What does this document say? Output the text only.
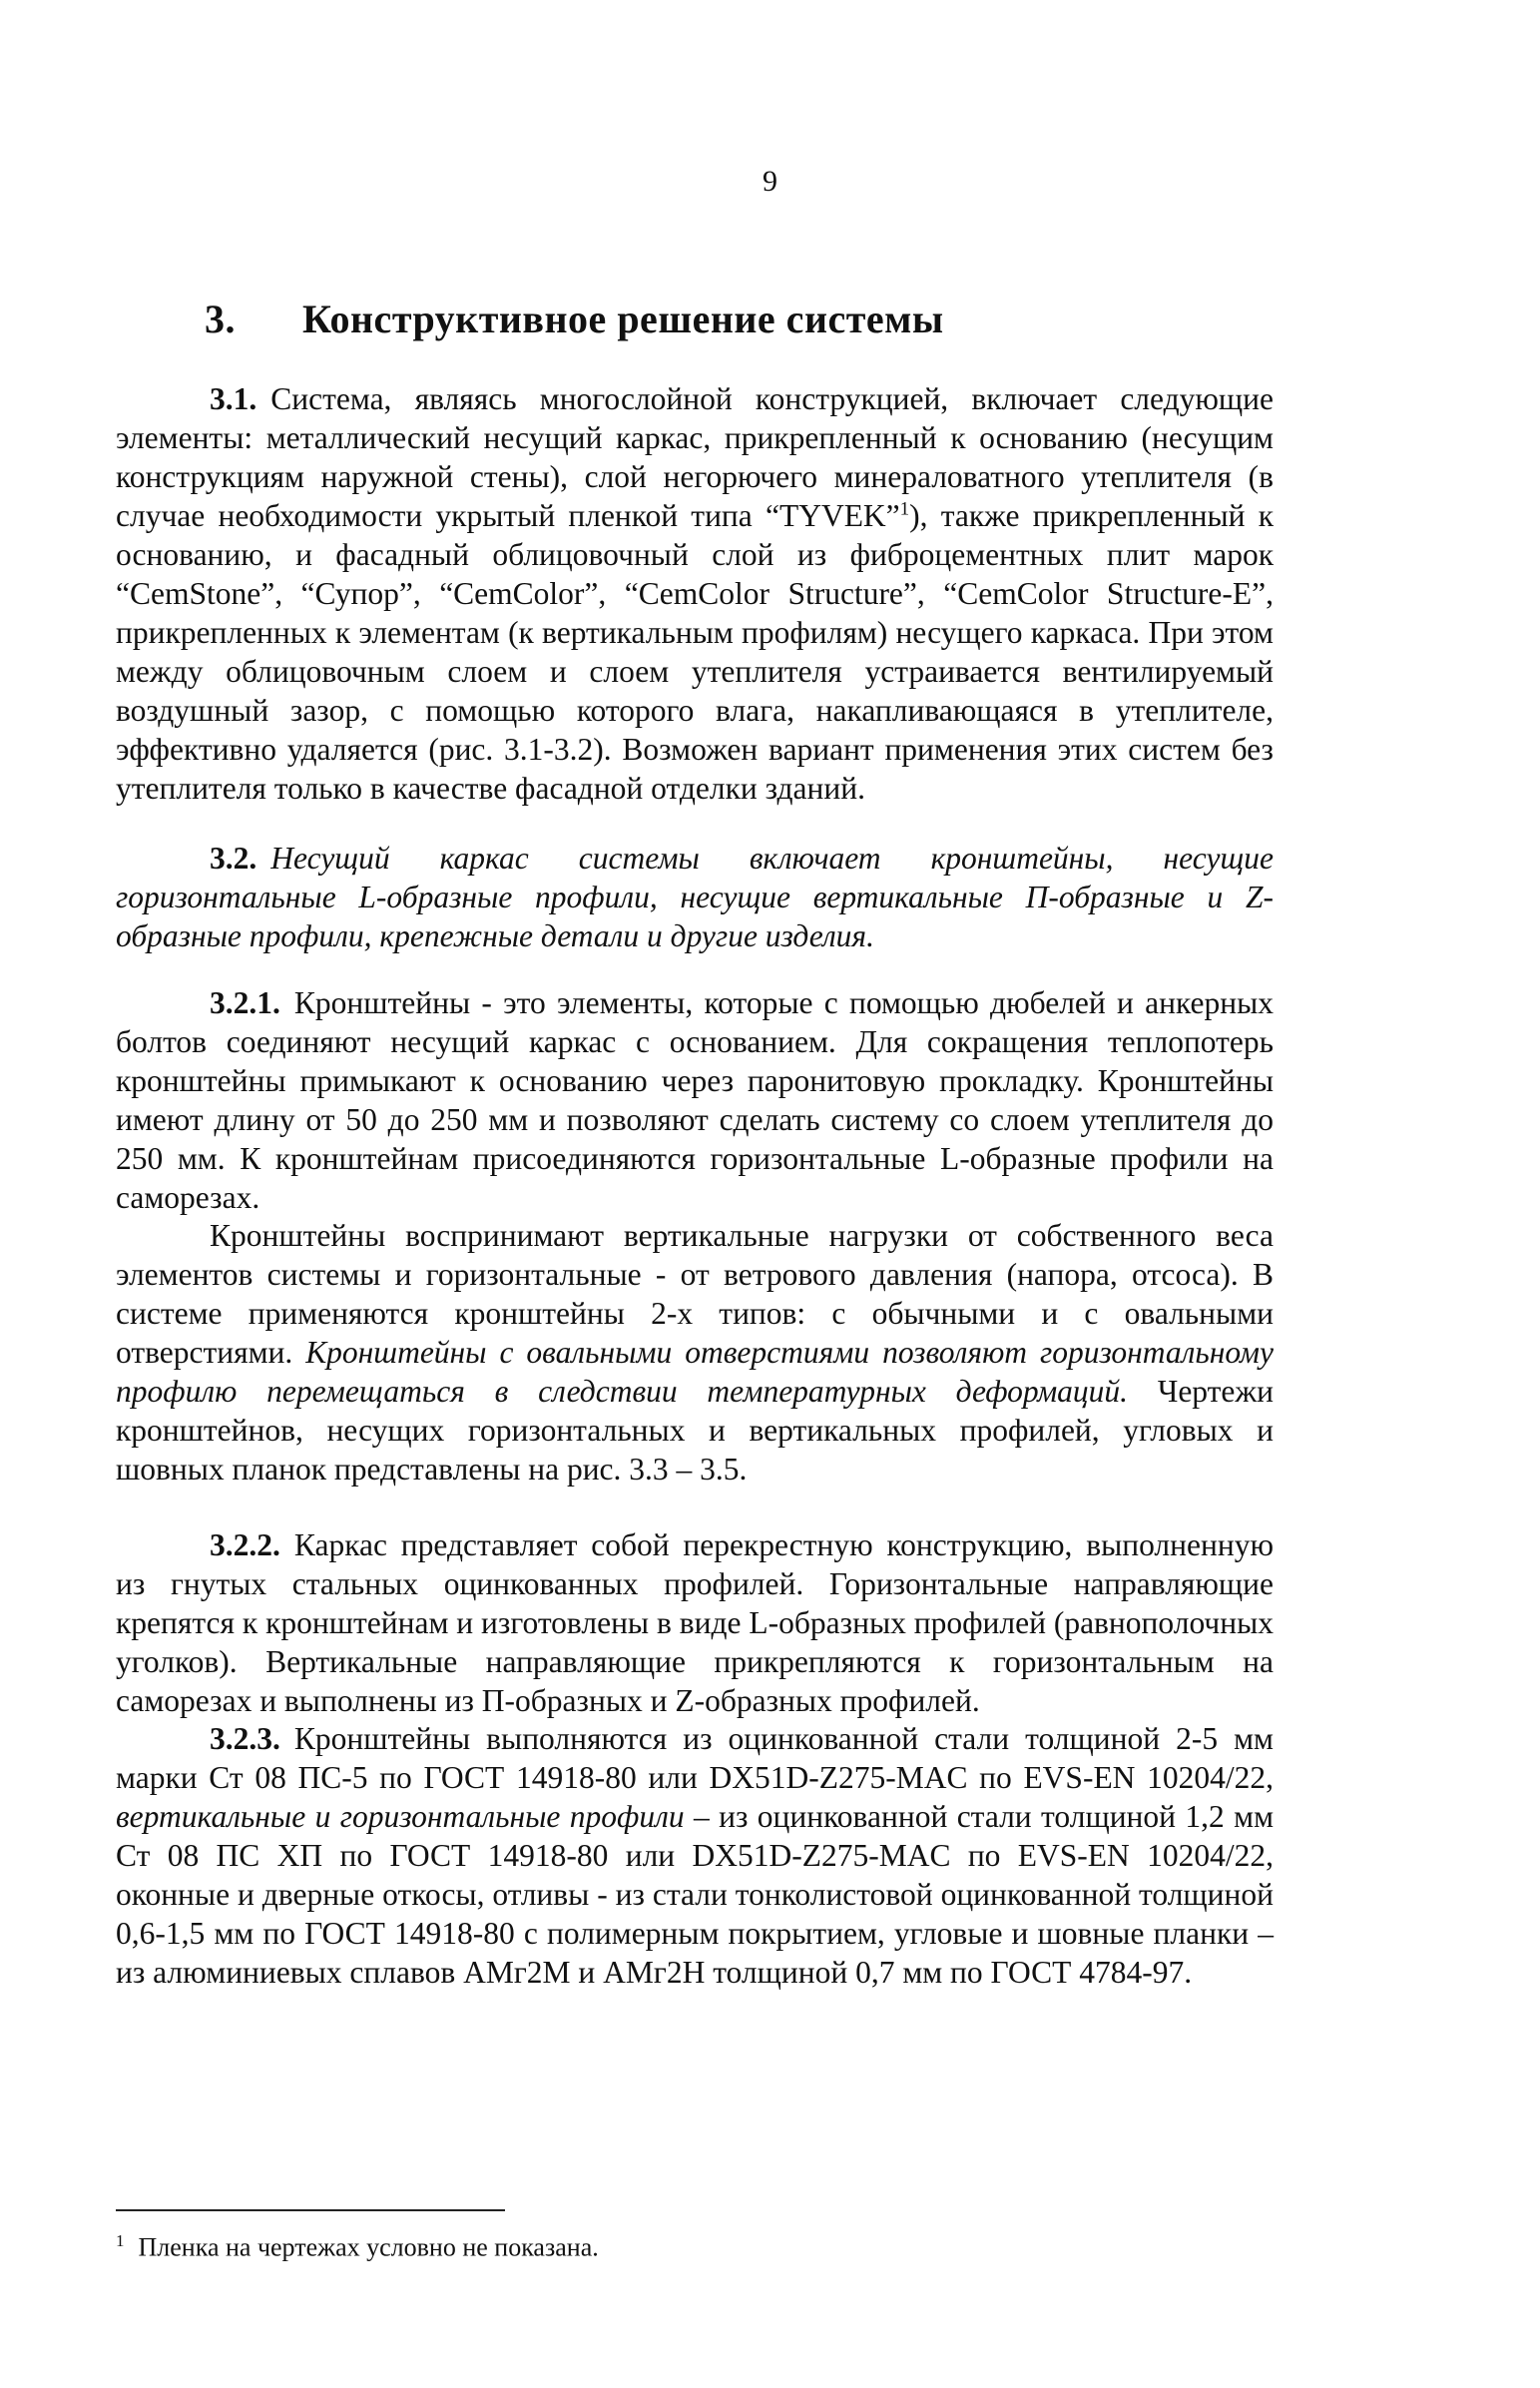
9
3. Конструктивное решение системы

3.1. Система, являясь многослойной конструкцией, включает следующие элементы: металлический несущий каркас, прикрепленный к основанию (несущим конструкциям наружной стены), слой негорючего минераловатного утеплителя (в случае необходимости укрытый пленкой типа “TYVEK”$^1$), также прикрепленный к основанию, и фасадный облицовочный слой из фиброцементных плит марок “CemStone”, “Супор”, “CemColor”, “CemColor Structure”, “CemColor Structure-E”, прикрепленных к элементам (к вертикальным профилям) несущего каркаса. При этом между облицовочным слоем и слоем утеплителя устраивается вентилируемый воздушный зазор, с помощью которого влага, накапливающаяся в утеплителе, эффективно удаляется (рис. 3.1-3.2). Возможен вариант применения этих систем без утеплителя только в качестве фасадной отделки зданий.

3.2. Несущий каркас системы включает кронштейны, несущие горизонтальные L-образные профили, несущие вертикальные П-образные и Z-образные профили, крепежные детали и другие изделия.

3.2.1. Кронштейны - это элементы, которые с помощью дюбелей и анкерных болтов соединяют несущий каркас с основанием. Для сокращения теплопотерь кронштейны примыкают к основанию через паронитовую прокладку. Кронштейны имеют длину от 50 до 250 мм и позволяют сделать систему со слоем утеплителя до 250 мм. К кронштейнам присоединяются горизонтальные L-образные профили на саморезах.

Кронштейны воспринимают вертикальные нагрузки от собственного веса элементов системы и горизонтальные - от ветрового давления (напора, отсоса). В системе применяются кронштейны 2-х типов: с обычными и с овальными отверстиями. Кронштейны с овальными отверстиями позволяют горизонтальному профилю перемещаться в следствии температурных деформаций. Чертежи кронштейнов, несущих горизонтальных и вертикальных профилей, угловых и шовных планок представлены на рис. 3.3 – 3.5.

3.2.2. Каркас представляет собой перекрестную конструкцию, выполненную из гнутых стальных оцинкованных профилей. Горизонтальные направляющие крепятся к кронштейнам и изготовлены в виде L-образных профилей (равнополочных уголков). Вертикальные направляющие прикрепляются к горизонтальным на саморезах и выполнены из П-образных и Z-образных профилей.

3.2.3. Кронштейны выполняются из оцинкованной стали толщиной 2-5 мм марки Ст 08 ПС-5 по ГОСТ 14918-80 или DX51D-Z275-MAC по EVS-EN 10204/22, вертикальные и горизонтальные профили – из оцинкованной стали толщиной 1,2 мм Ст 08 ПС ХП по ГОСТ 14918-80 или DX51D-Z275-MAC по EVS-EN 10204/22, оконные и дверные откосы, отливы - из стали тонколистовой оцинкованной толщиной 0,6-1,5 мм по ГОСТ 14918-80 с полимерным покрытием, угловые и шовные планки – из алюминиевых сплавов АМг2М и АМг2Н толщиной 0,7 мм по ГОСТ 4784-97.

$^1$ Пленка на чертежах условно не показана.
